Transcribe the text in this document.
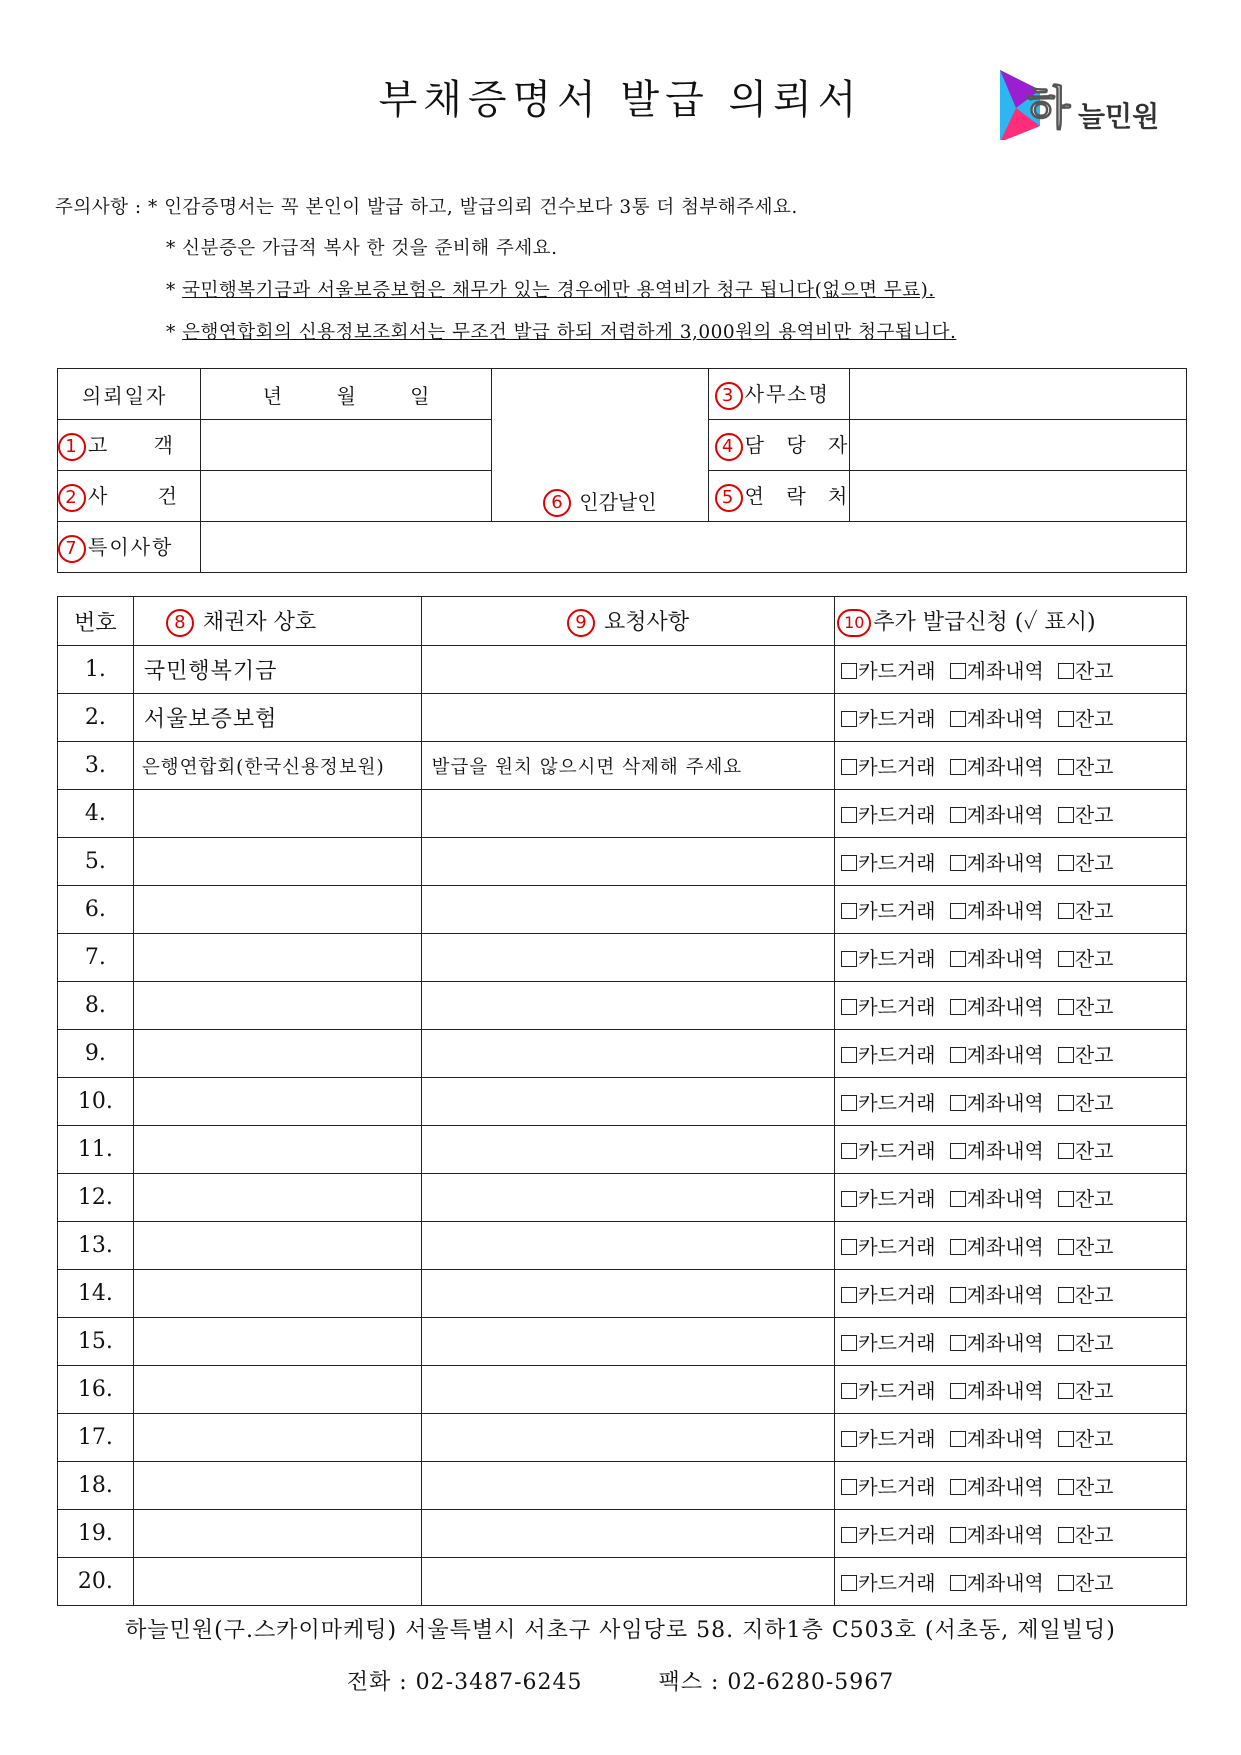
부채증명서 발급 의뢰서	하 늘민원
주의사항 : * 인감증명서는 꼭 본인이 발급 하고, 발급의뢰 건수보다 3통 더 첨부해주세요.
* 신분증은 가급적 복사 한 것을 준비해 주세요.
* 국민행복기금과 서울보증보험은 채무가 있는 경우에만 용역비가 청구 됩니다(없으면 무료).
* 은행연합회의 신용정보조회서는 무조건 발급 하되 저렴하게 3,000원의 용역비만 청구됩니다.
의뢰일자	년 월 일	6 인감날인	3 사무소명	
1 고 객			4 담 당 자	
2 사 건			5 연 락 처	
7 특이사항				
번호	8 채권자 상호	9 요청사항	10 추가 발급신청 (✓ 표시)
1.	국민행복기금		카드거래 계좌내역 잔고
2.	서울보증보험		카드거래 계좌내역 잔고
3.	은행연합회(한국신용정보원)	발급을 원치 않으시면 삭제해 주세요	카드거래 계좌내역 잔고
4.			카드거래 계좌내역 잔고
5.			카드거래 계좌내역 잔고
6.			카드거래 계좌내역 잔고
7.			카드거래 계좌내역 잔고
8.			카드거래 계좌내역 잔고
9.			카드거래 계좌내역 잔고
10.			카드거래 계좌내역 잔고
11.			카드거래 계좌내역 잔고
12.			카드거래 계좌내역 잔고
13.			카드거래 계좌내역 잔고
14.			카드거래 계좌내역 잔고
15.			카드거래 계좌내역 잔고
16.			카드거래 계좌내역 잔고
17.			카드거래 계좌내역 잔고
18.			카드거래 계좌내역 잔고
19.			카드거래 계좌내역 잔고
20.			카드거래 계좌내역 잔고
하늘민원(구.스카이마케팅) 서울특별시 서초구 사임당로 58. 지하1층 C503호 (서초동, 제일빌딩)
전화 : 02-3487-6245	팩스 : 02-6280-5967
